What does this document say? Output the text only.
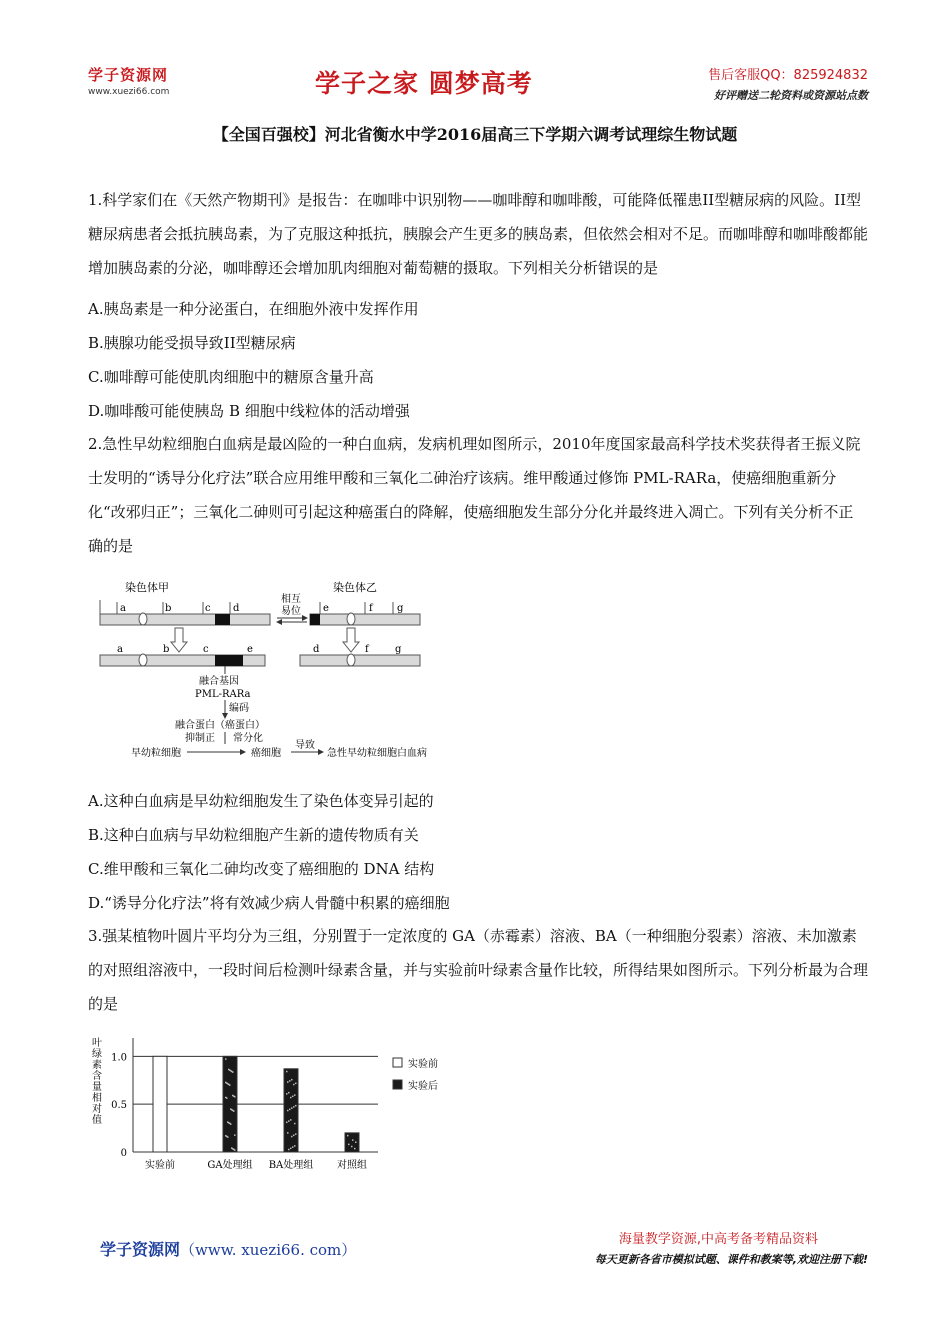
学子资源网
www.xuezi66.com	学子之家 圆梦高考	售后客服QQ：825924832
好评赠送二轮资料或资源站点数
【全国百强校】河北省衡水中学2016届高三下学期六调考试理综生物试题
1.科学家们在《天然产物期刊》是报告：在咖啡中识别物——咖啡醇和咖啡酸，可能降低罹患II型糖尿病的风险。II型糖尿病患者会抵抗胰岛素，为了克服这种抵抗，胰腺会产生更多的胰岛素，但依然会相对不足。而咖啡醇和咖啡酸都能增加胰岛素的分泌，咖啡醇还会增加肌肉细胞对葡萄糖的摄取。下列相关分析错误的是
A.胰岛素是一种分泌蛋白，在细胞外液中发挥作用
B.胰腺功能受损导致II型糖尿病
C.咖啡醇可能使肌肉细胞中的糖原含量升高
D.咖啡酸可能使胰岛 B 细胞中线粒体的活动增强
2.急性早幼粒细胞白血病是最凶险的一种白血病，发病机理如图所示，2010年度国家最高科学技术奖获得者王振义院士发明的“诱导分化疗法”联合应用维甲酸和三氧化二砷治疗该病。维甲酸通过修饰 PML-RARa，使癌细胞重新分化“改邪归正”；三氧化二砷则可引起这种癌蛋白的降解，使癌细胞发生部分分化并最终进入凋亡。下列有关分析不正确的是
染色体甲	染色体乙
相互
易位
a	b	c d	e	f g
a	b	c	e	d	f	g
融合基因
PML-RARa
编码
融合蛋白（癌蛋白）
抑制正 常分化
早幼粒细胞	癌细胞
导致
急性早幼粒细胞白血病
A.这种白血病是早幼粒细胞发生了染色体变异引起的
B.这种白血病与早幼粒细胞产生新的遗传物质有关
C.维甲酸和三氧化二砷均改变了癌细胞的 DNA 结构
D.“诱导分化疗法”将有效减少病人骨髓中积累的癌细胞
3.强某植物叶圆片平均分为三组，分别置于一定浓度的 GA（赤霉素）溶液、BA（一种细胞分裂素）溶液、未加激素的对照组溶液中，一段时间后检测叶绿素含量，并与实验前叶绿素含量作比较，所得结果如图所示。下列分析最为合理的是
叶
绿
素
含
量
相
对
值
1.0
0.5
0
实验前	GA处理组 BA处理组 对照组
实验前
实验后
学子资源网（www. xuezi66. com）
海量教学资源,中高考备考精品资料
每天更新各省市模拟试题、课件和教案等,欢迎注册下载!
